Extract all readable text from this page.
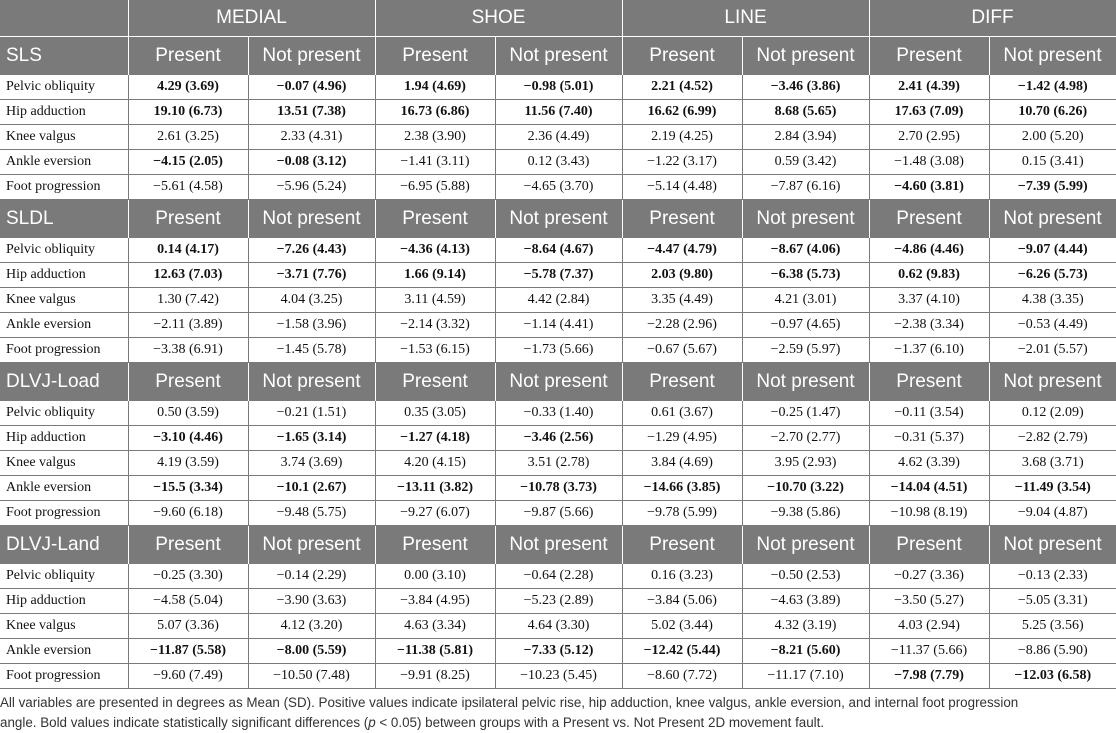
	MEDIAL		SHOE		LINE		DIFF	
SLS	Present	Not present	Present	Not present	Present	Not present	Present	Not present
Pelvic obliquity	4.29 (3.69)	−0.07 (4.96)	1.94 (4.69)	−0.98 (5.01)	2.21 (4.52)	−3.46 (3.86)	2.41 (4.39)	−1.42 (4.98)
Hip adduction	19.10 (6.73)	13.51 (7.38)	16.73 (6.86)	11.56 (7.40)	16.62 (6.99)	8.68 (5.65)	17.63 (7.09)	10.70 (6.26)
Knee valgus	2.61 (3.25)	2.33 (4.31)	2.38 (3.90)	2.36 (4.49)	2.19 (4.25)	2.84 (3.94)	2.70 (2.95)	2.00 (5.20)
Ankle eversion	−4.15 (2.05)	−0.08 (3.12)	−1.41 (3.11)	0.12 (3.43)	−1.22 (3.17)	0.59 (3.42)	−1.48 (3.08)	0.15 (3.41)
Foot progression	−5.61 (4.58)	−5.96 (5.24)	−6.95 (5.88)	−4.65 (3.70)	−5.14 (4.48)	−7.87 (6.16)	−4.60 (3.81)	−7.39 (5.99)
SLDL	Present	Not present	Present	Not present	Present	Not present	Present	Not present
Pelvic obliquity	0.14 (4.17)	−7.26 (4.43)	−4.36 (4.13)	−8.64 (4.67)	−4.47 (4.79)	−8.67 (4.06)	−4.86 (4.46)	−9.07 (4.44)
Hip adduction	12.63 (7.03)	−3.71 (7.76)	1.66 (9.14)	−5.78 (7.37)	2.03 (9.80)	−6.38 (5.73)	0.62 (9.83)	−6.26 (5.73)
Knee valgus	1.30 (7.42)	4.04 (3.25)	3.11 (4.59)	4.42 (2.84)	3.35 (4.49)	4.21 (3.01)	3.37 (4.10)	4.38 (3.35)
Ankle eversion	−2.11 (3.89)	−1.58 (3.96)	−2.14 (3.32)	−1.14 (4.41)	−2.28 (2.96)	−0.97 (4.65)	−2.38 (3.34)	−0.53 (4.49)
Foot progression	−3.38 (6.91)	−1.45 (5.78)	−1.53 (6.15)	−1.73 (5.66)	−0.67 (5.67)	−2.59 (5.97)	−1.37 (6.10)	−2.01 (5.57)
DLVJ-Load	Present	Not present	Present	Not present	Present	Not present	Present	Not present
Pelvic obliquity	0.50 (3.59)	−0.21 (1.51)	0.35 (3.05)	−0.33 (1.40)	0.61 (3.67)	−0.25 (1.47)	−0.11 (3.54)	0.12 (2.09)
Hip adduction	−3.10 (4.46)	−1.65 (3.14)	−1.27 (4.18)	−3.46 (2.56)	−1.29 (4.95)	−2.70 (2.77)	−0.31 (5.37)	−2.82 (2.79)
Knee valgus	4.19 (3.59)	3.74 (3.69)	4.20 (4.15)	3.51 (2.78)	3.84 (4.69)	3.95 (2.93)	4.62 (3.39)	3.68 (3.71)
Ankle eversion	−15.5 (3.34)	−10.1 (2.67)	−13.11 (3.82)	−10.78 (3.73)	−14.66 (3.85)	−10.70 (3.22)	−14.04 (4.51)	−11.49 (3.54)
Foot progression	−9.60 (6.18)	−9.48 (5.75)	−9.27 (6.07)	−9.87 (5.66)	−9.78 (5.99)	−9.38 (5.86)	−10.98 (8.19)	−9.04 (4.87)
DLVJ-Land	Present	Not present	Present	Not present	Present	Not present	Present	Not present
Pelvic obliquity	−0.25 (3.30)	−0.14 (2.29)	0.00 (3.10)	−0.64 (2.28)	0.16 (3.23)	−0.50 (2.53)	−0.27 (3.36)	−0.13 (2.33)
Hip adduction	−4.58 (5.04)	−3.90 (3.63)	−3.84 (4.95)	−5.23 (2.89)	−3.84 (5.06)	−4.63 (3.89)	−3.50 (5.27)	−5.05 (3.31)
Knee valgus	5.07 (3.36)	4.12 (3.20)	4.63 (3.34)	4.64 (3.30)	5.02 (3.44)	4.32 (3.19)	4.03 (2.94)	5.25 (3.56)
Ankle eversion	−11.87 (5.58)	−8.00 (5.59)	−11.38 (5.81)	−7.33 (5.12)	−12.42 (5.44)	−8.21 (5.60)	−11.37 (5.66)	−8.86 (5.90)
Foot progression	−9.60 (7.49)	−10.50 (7.48)	−9.91 (8.25)	−10.23 (5.45)	−8.60 (7.72)	−11.17 (7.10)	−7.98 (7.79)	−12.03 (6.58)
All variables are presented in degrees as Mean (SD). Positive values indicate ipsilateral pelvic rise, hip adduction, knee valgus, ankle eversion, and internal foot progression
angle. Bold values indicate statistically significant differences (p < 0.05) between groups with a Present vs. Not Present 2D movement fault.
